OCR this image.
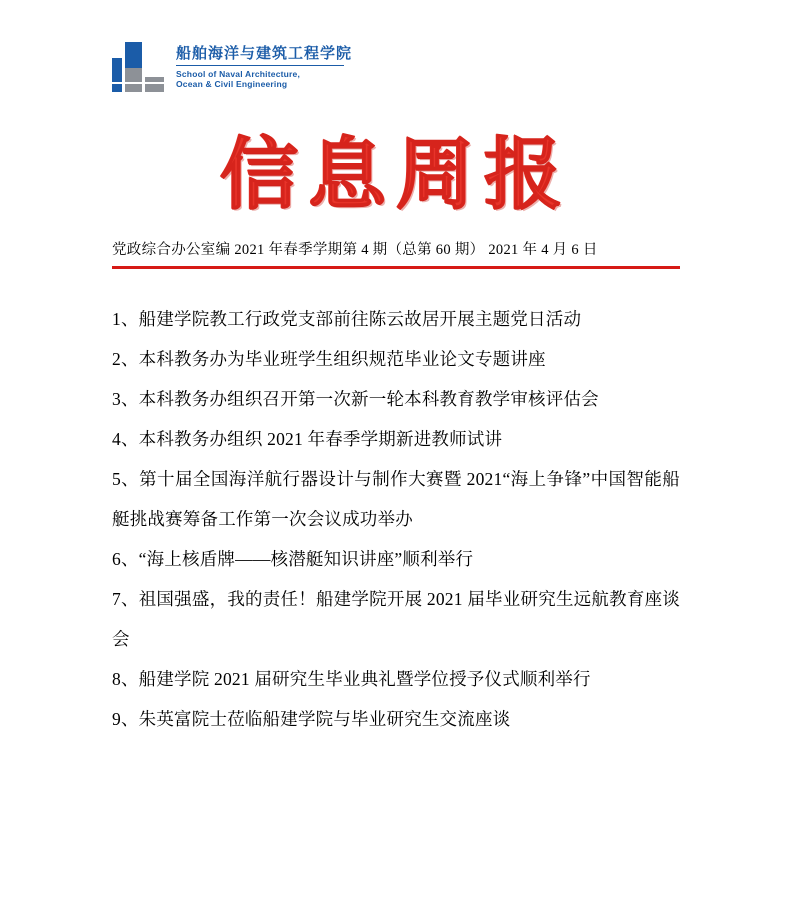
船舶海洋与建筑工程学院
School of Naval Architecture,
Ocean & Civil Engineering
信息周报
党政综合办公室编 2021 年春季学期第 4 期（总第 60 期） 2021 年 4 月 6 日
1、船建学院教工行政党支部前往陈云故居开展主题党日活动
2、本科教务办为毕业班学生组织规范毕业论文专题讲座
3、本科教务办组织召开第一次新一轮本科教育教学审核评估会
4、本科教务办组织 2021 年春季学期新进教师试讲
5、第十届全国海洋航行器设计与制作大赛暨 2021“海上争锋”中国智能船艇挑战赛筹备工作第一次会议成功举办
6、“海上核盾牌——核潜艇知识讲座”顺利举行
7、祖国强盛，我的责任！船建学院开展 2021 届毕业研究生远航教育座谈会
8、船建学院 2021 届研究生毕业典礼暨学位授予仪式顺利举行
9、朱英富院士莅临船建学院与毕业研究生交流座谈
